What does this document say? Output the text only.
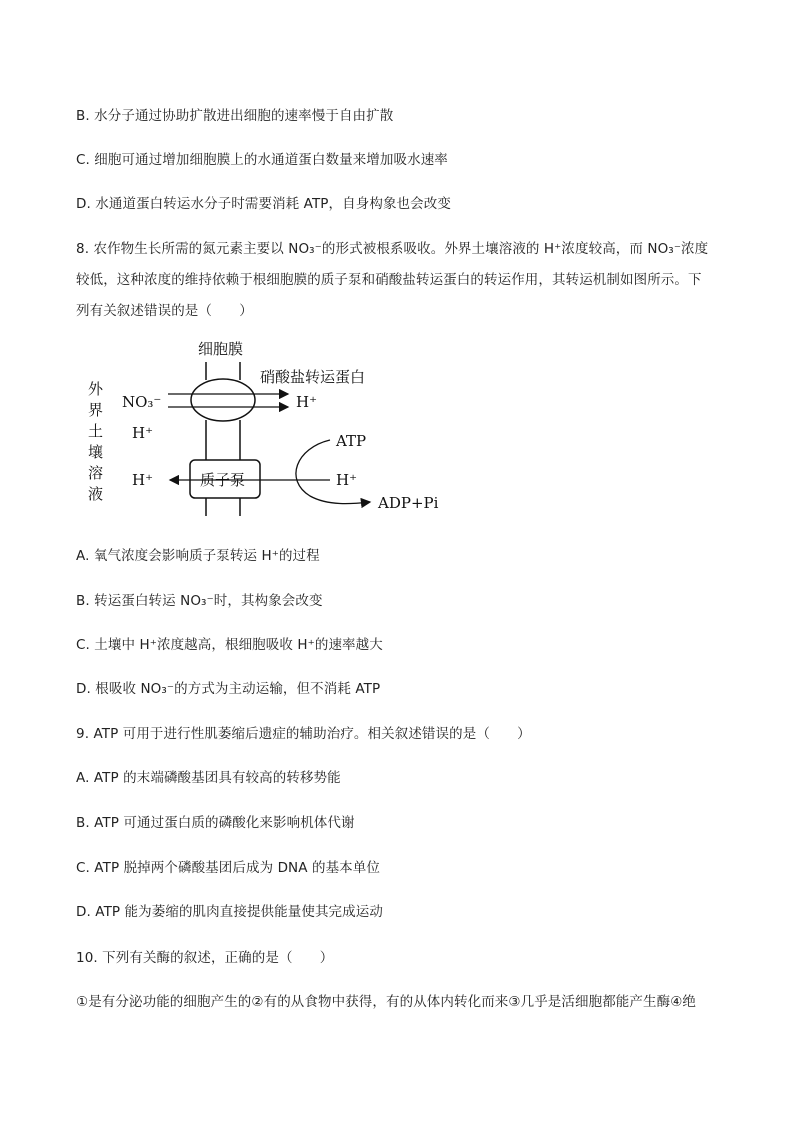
B. 水分子通过协助扩散进出细胞的速率慢于自由扩散
C. 细胞可通过增加细胞膜上的水通道蛋白数量来增加吸水速率
D. 水通道蛋白转运水分子时需要消耗 ATP，自身构象也会改变
8. 农作物生长所需的氮元素主要以 NO₃⁻的形式被根系吸收。外界土壤溶液的 H⁺浓度较高，而 NO₃⁻浓度
较低，这种浓度的维持依赖于根细胞膜的质子泵和硝酸盐转运蛋白的转运作用，其转运机制如图所示。下
列有关叙述错误的是（　　）
细胞膜
硝酸盐转运蛋白
外
界
土
壤
溶
液
NO₃⁻	H⁺
H⁺
质子泵
H⁺	H⁺
ATP
ADP+Pi
A. 氧气浓度会影响质子泵转运 H⁺的过程
B. 转运蛋白转运 NO₃⁻时，其构象会改变
C. 土壤中 H⁺浓度越高，根细胞吸收 H⁺的速率越大
D. 根吸收 NO₃⁻的方式为主动运输，但不消耗 ATP
9. ATP 可用于进行性肌萎缩后遗症的辅助治疗。相关叙述错误的是（　　）
A. ATP 的末端磷酸基团具有较高的转移势能
B. ATP 可通过蛋白质的磷酸化来影响机体代谢
C. ATP 脱掉两个磷酸基团后成为 DNA 的基本单位
D. ATP 能为萎缩的肌肉直接提供能量使其完成运动
10. 下列有关酶的叙述，正确的是（　　）
①是有分泌功能的细胞产生的②有的从食物中获得，有的从体内转化而来③几乎是活细胞都能产生酶④绝
